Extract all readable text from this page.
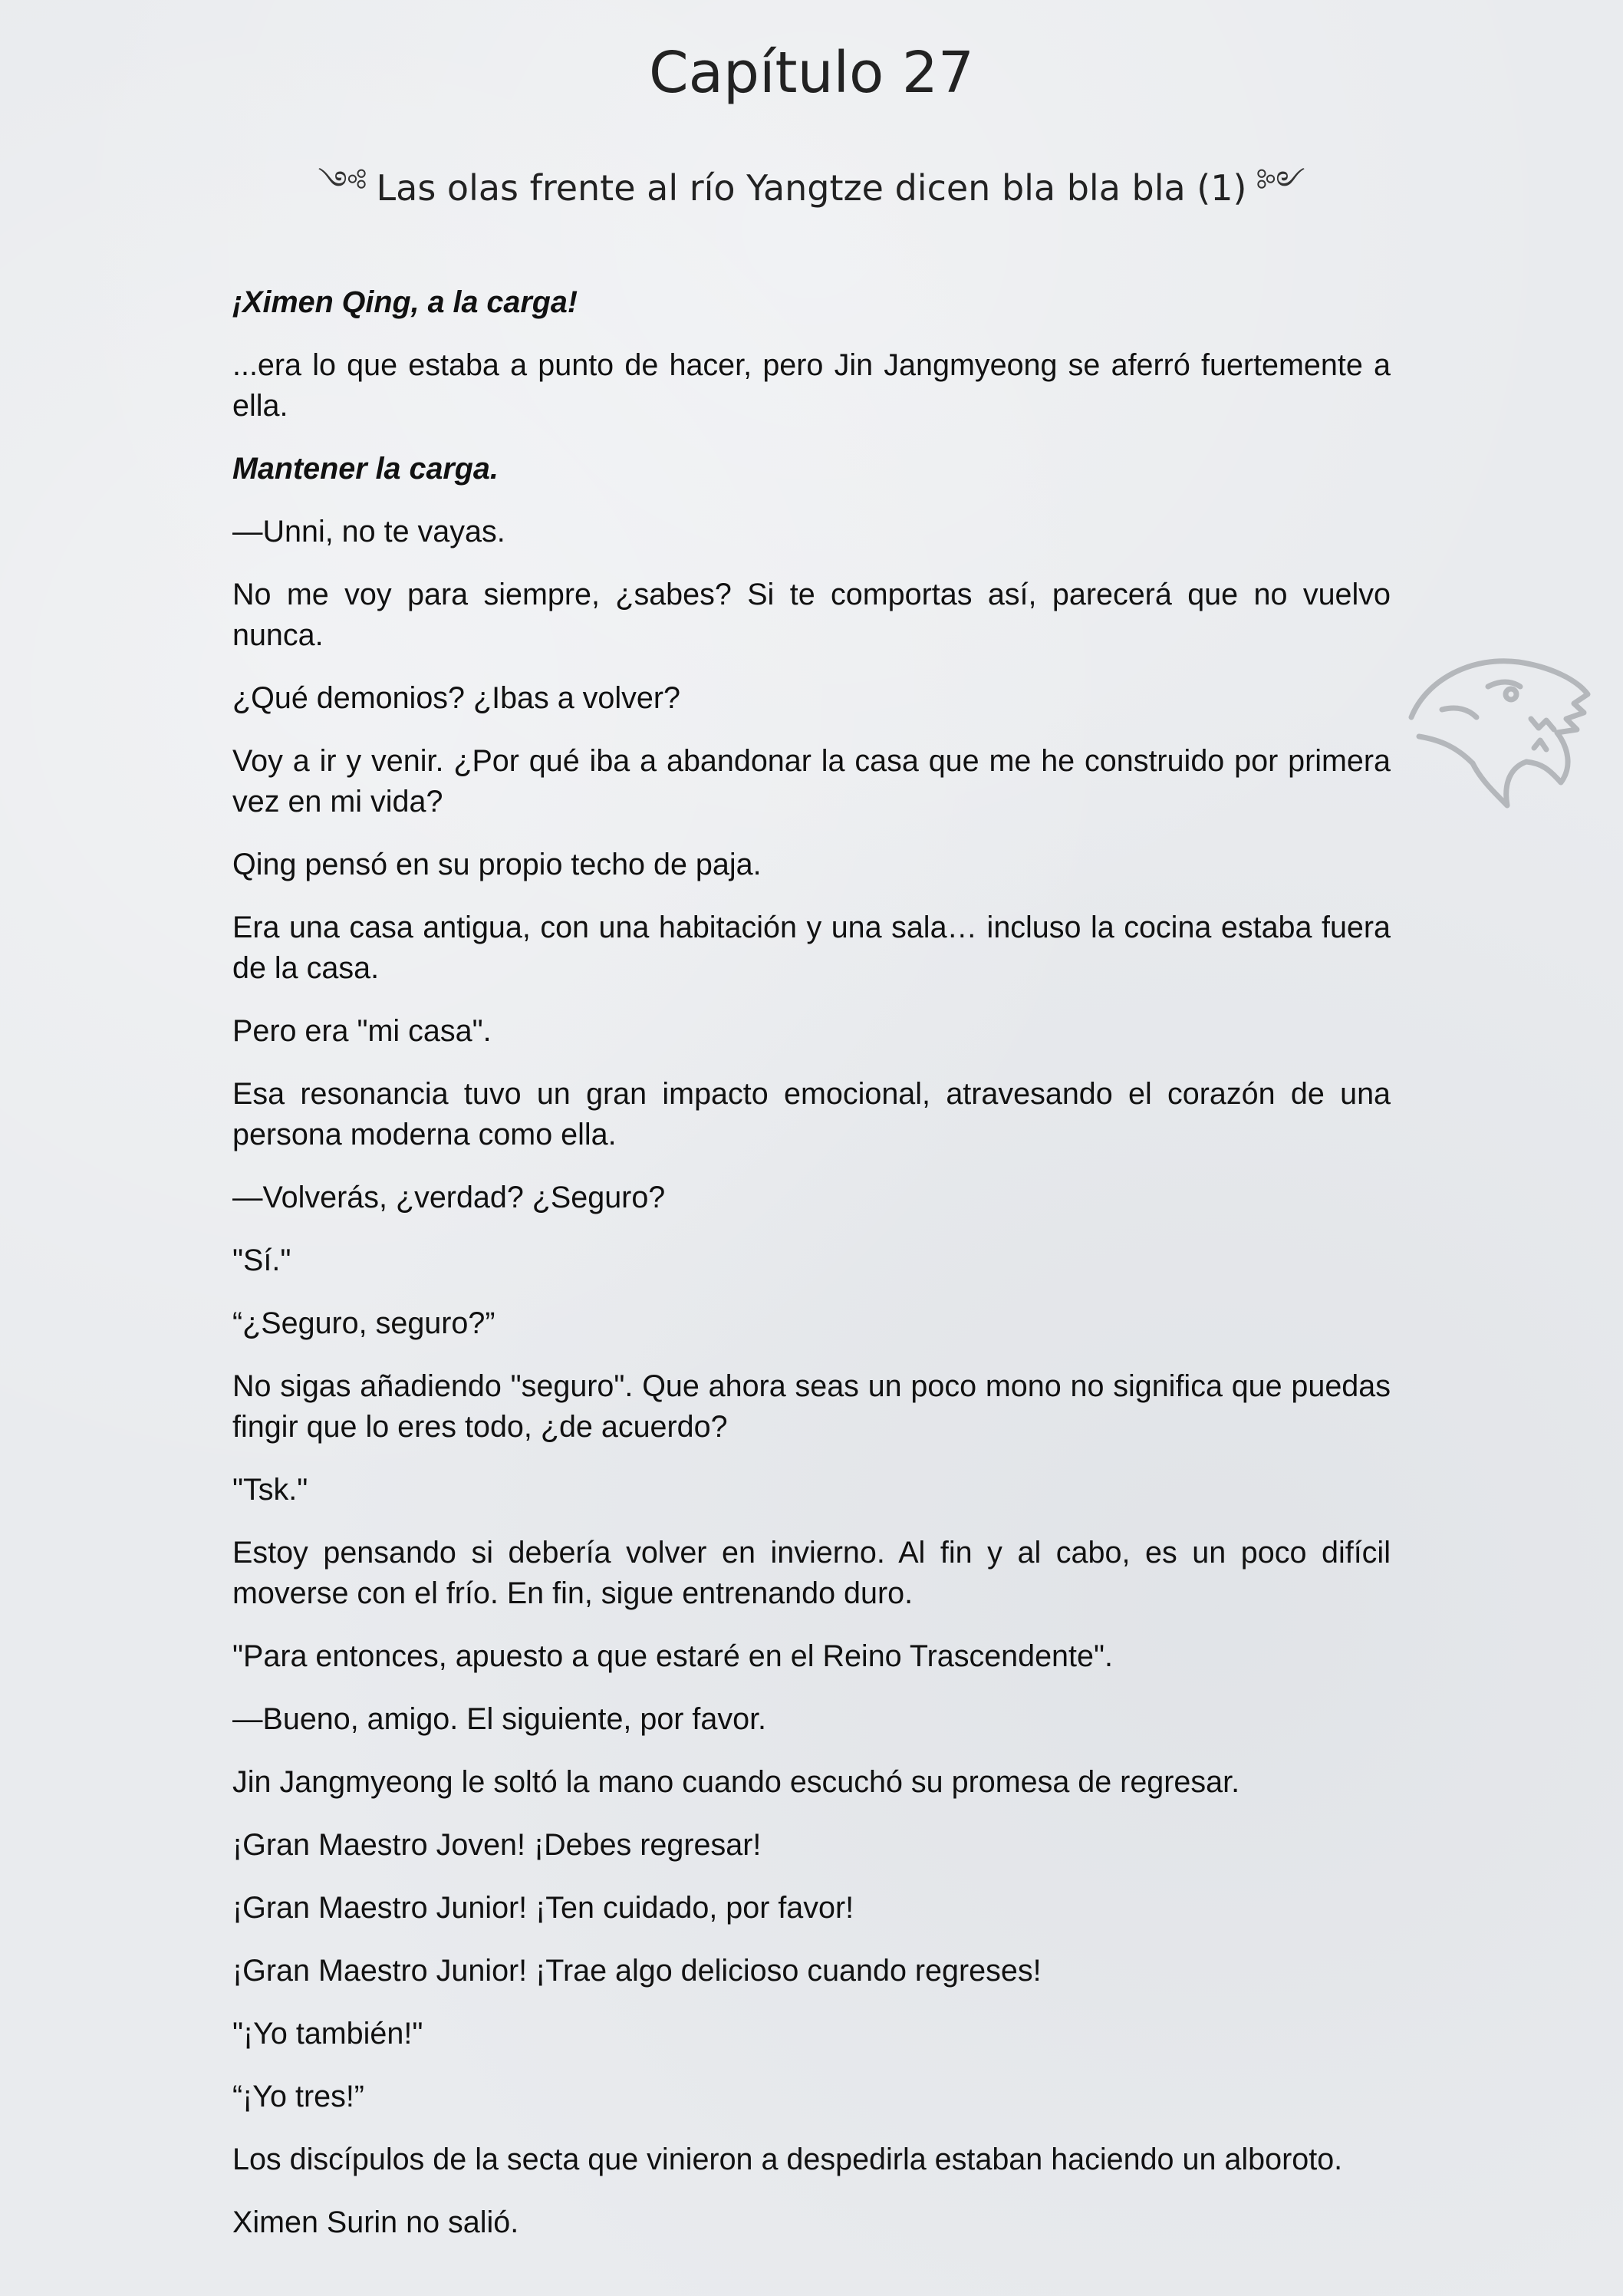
Capítulo 27
༺ Las olas frente al río Yangtze dicen bla bla bla (1) ༻

¡Ximen Qing, a la carga!

...era lo que estaba a punto de hacer, pero Jin Jangmyeong se aferró fuertemente a ella.

Mantener la carga.

—Unni, no te vayas.

No me voy para siempre, ¿sabes? Si te comportas así, parecerá que no vuelvo nunca.

¿Qué demonios? ¿Ibas a volver?

Voy a ir y venir. ¿Por qué iba a abandonar la casa que me he construido por primera vez en mi vida?

Qing pensó en su propio techo de paja.

Era una casa antigua, con una habitación y una sala… incluso la cocina estaba fuera de la casa.

Pero era "mi casa".

Esa resonancia tuvo un gran impacto emocional, atravesando el corazón de una persona moderna como ella.

—Volverás, ¿verdad? ¿Seguro?

"Sí."

“¿Seguro, seguro?”

No sigas añadiendo "seguro". Que ahora seas un poco mono no significa que puedas fingir que lo eres todo, ¿de acuerdo?

"Tsk."

Estoy pensando si debería volver en invierno. Al fin y al cabo, es un poco difícil moverse con el frío. En fin, sigue entrenando duro.

"Para entonces, apuesto a que estaré en el Reino Trascendente".

—Bueno, amigo. El siguiente, por favor.

Jin Jangmyeong le soltó la mano cuando escuchó su promesa de regresar.

¡Gran Maestro Joven! ¡Debes regresar!

¡Gran Maestro Junior! ¡Ten cuidado, por favor!

¡Gran Maestro Junior! ¡Trae algo delicioso cuando regreses!

"¡Yo también!"

“¡Yo tres!”

Los discípulos de la secta que vinieron a despedirla estaban haciendo un alboroto.

Ximen Surin no salió.
